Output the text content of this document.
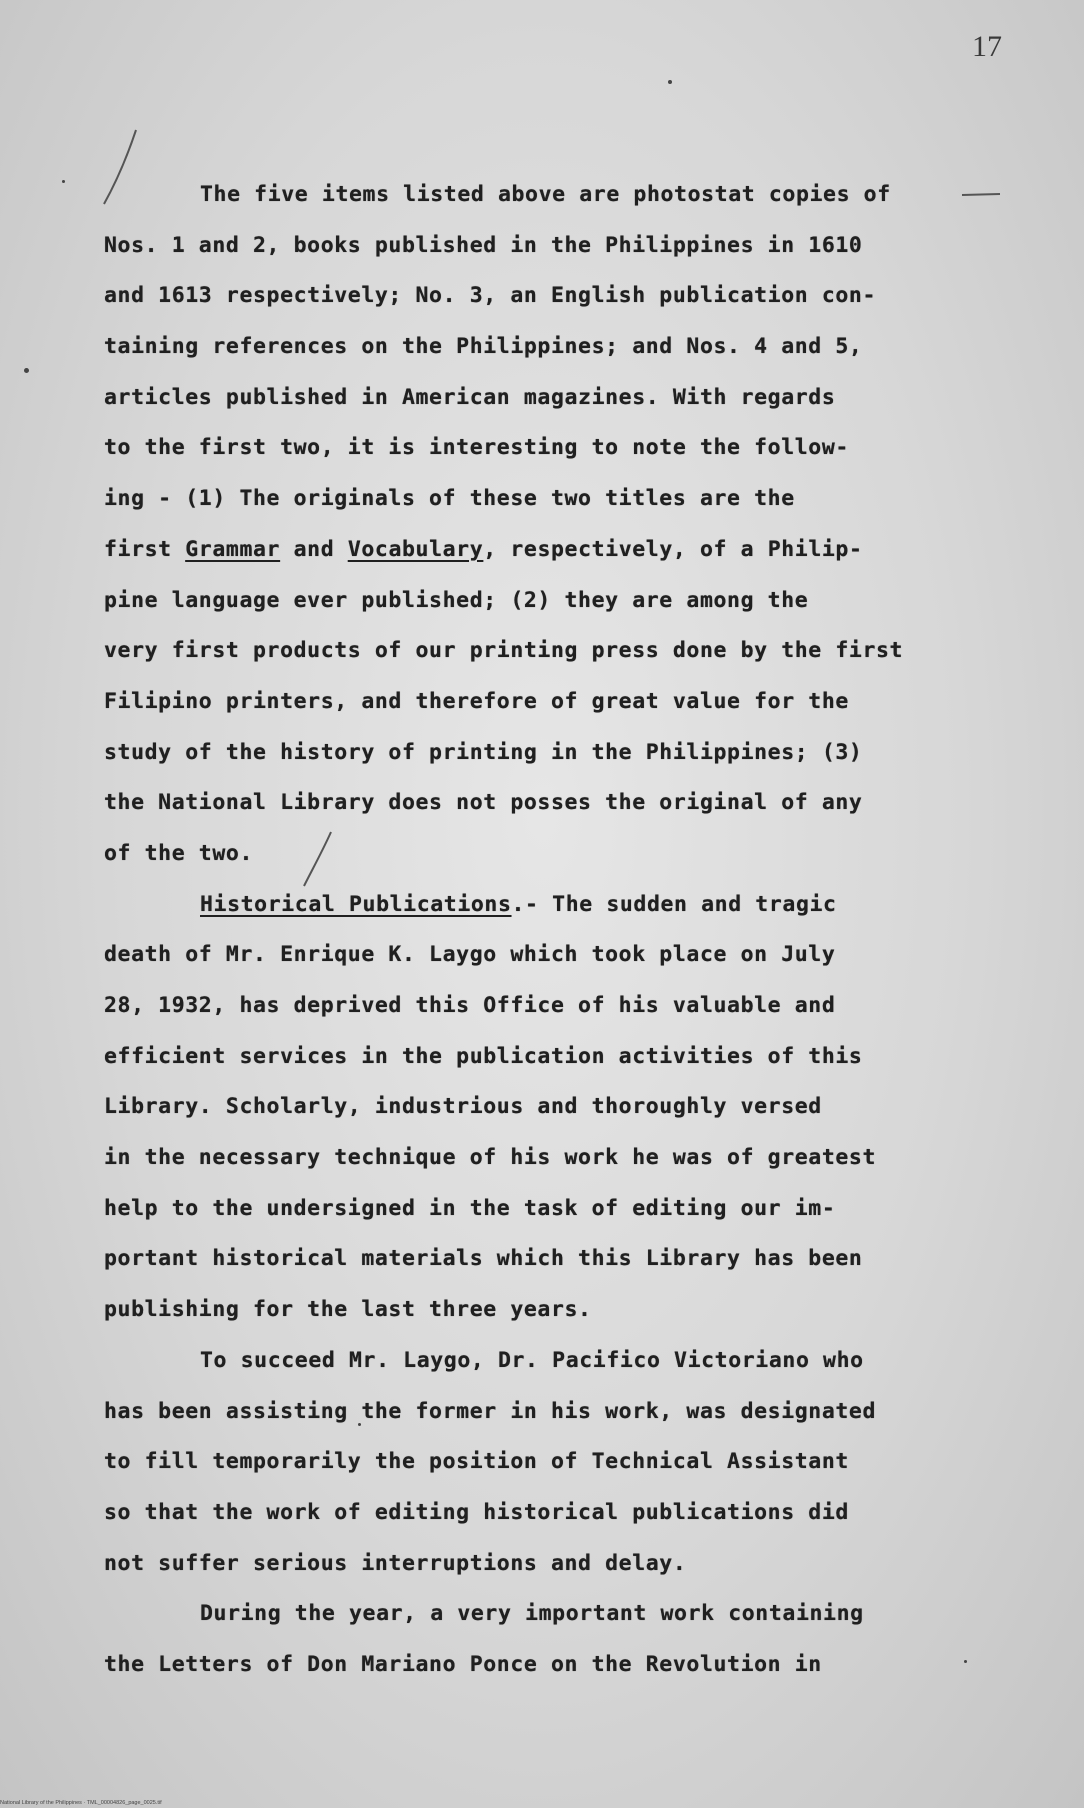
17
The five items listed above are photostat copies of
Nos. 1 and 2, books published in the Philippines in 1610
and 1613 respectively; No. 3, an English publication con-
taining references on the Philippines; and Nos. 4 and 5,
articles published in American magazines. With regards
to the first two, it is interesting to note the follow-
ing - (1) The originals of these two titles are the
first Grammar and Vocabulary, respectively, of a Philip-
pine language ever published; (2) they are among the
very first products of our printing press done by the first
Filipino printers, and therefore of great value for the
study of the history of printing in the Philippines; (3)
the National Library does not posses the original of any
of the two.
Historical Publications.- The sudden and tragic
death of Mr. Enrique K. Laygo which took place on July
28, 1932, has deprived this Office of his valuable and
efficient services in the publication activities of this
Library. Scholarly, industrious and thoroughly versed
in the necessary technique of his work he was of greatest
help to the undersigned in the task of editing our im-
portant historical materials which this Library has been
publishing for the last three years.
To succeed Mr. Laygo, Dr. Pacifico Victoriano who
has been assisting the former in his work, was designated
to fill temporarily the position of Technical Assistant
so that the work of editing historical publications did
not suffer serious interruptions and delay.
During the year, a very important work containing
the Letters of Don Mariano Ponce on the Revolution in
National Library of the Philippines · TML_00004826_page_0025.tif
